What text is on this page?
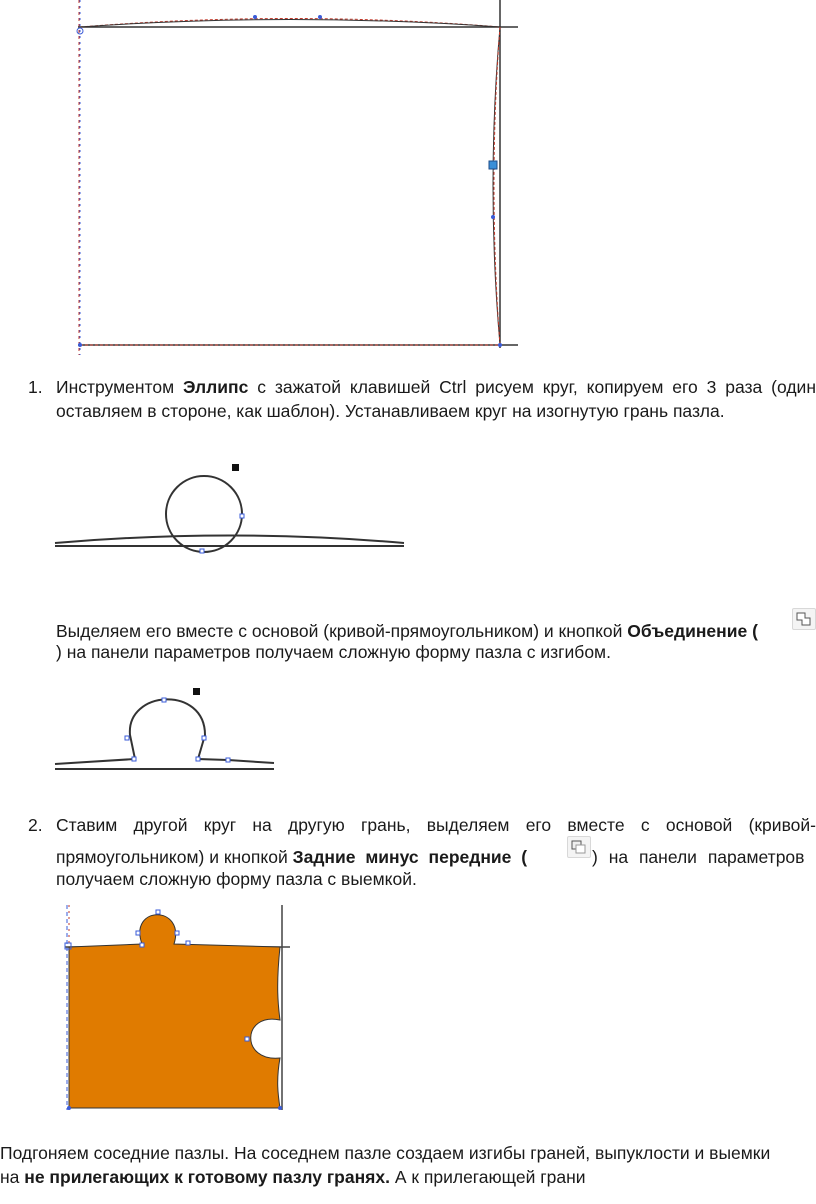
1. Инструментом Эллипс с зажатой клавишей Ctrl рисуем круг, копируем его 3 раза (один
оставляем в стороне, как шаблон). Устанавливаем круг на изогнутую грань пазла.
Выделяем его вместе с основой (кривой-прямоугольником) и кнопкой Объединение (
) на панели параметров получаем сложную форму пазла с изгибом.
2. Ставим другой круг на другую грань, выделяем его вместе с основой (кривой-
прямоугольником) и кнопкой Задние минус передние (	) на панели параметров
получаем сложную форму пазла с выемкой.
Подгоняем соседние пазлы. На соседнем пазле создаем изгибы граней, выпуклости и выемки
на не прилегающих к готовому пазлу гранях. А к прилегающей грани
